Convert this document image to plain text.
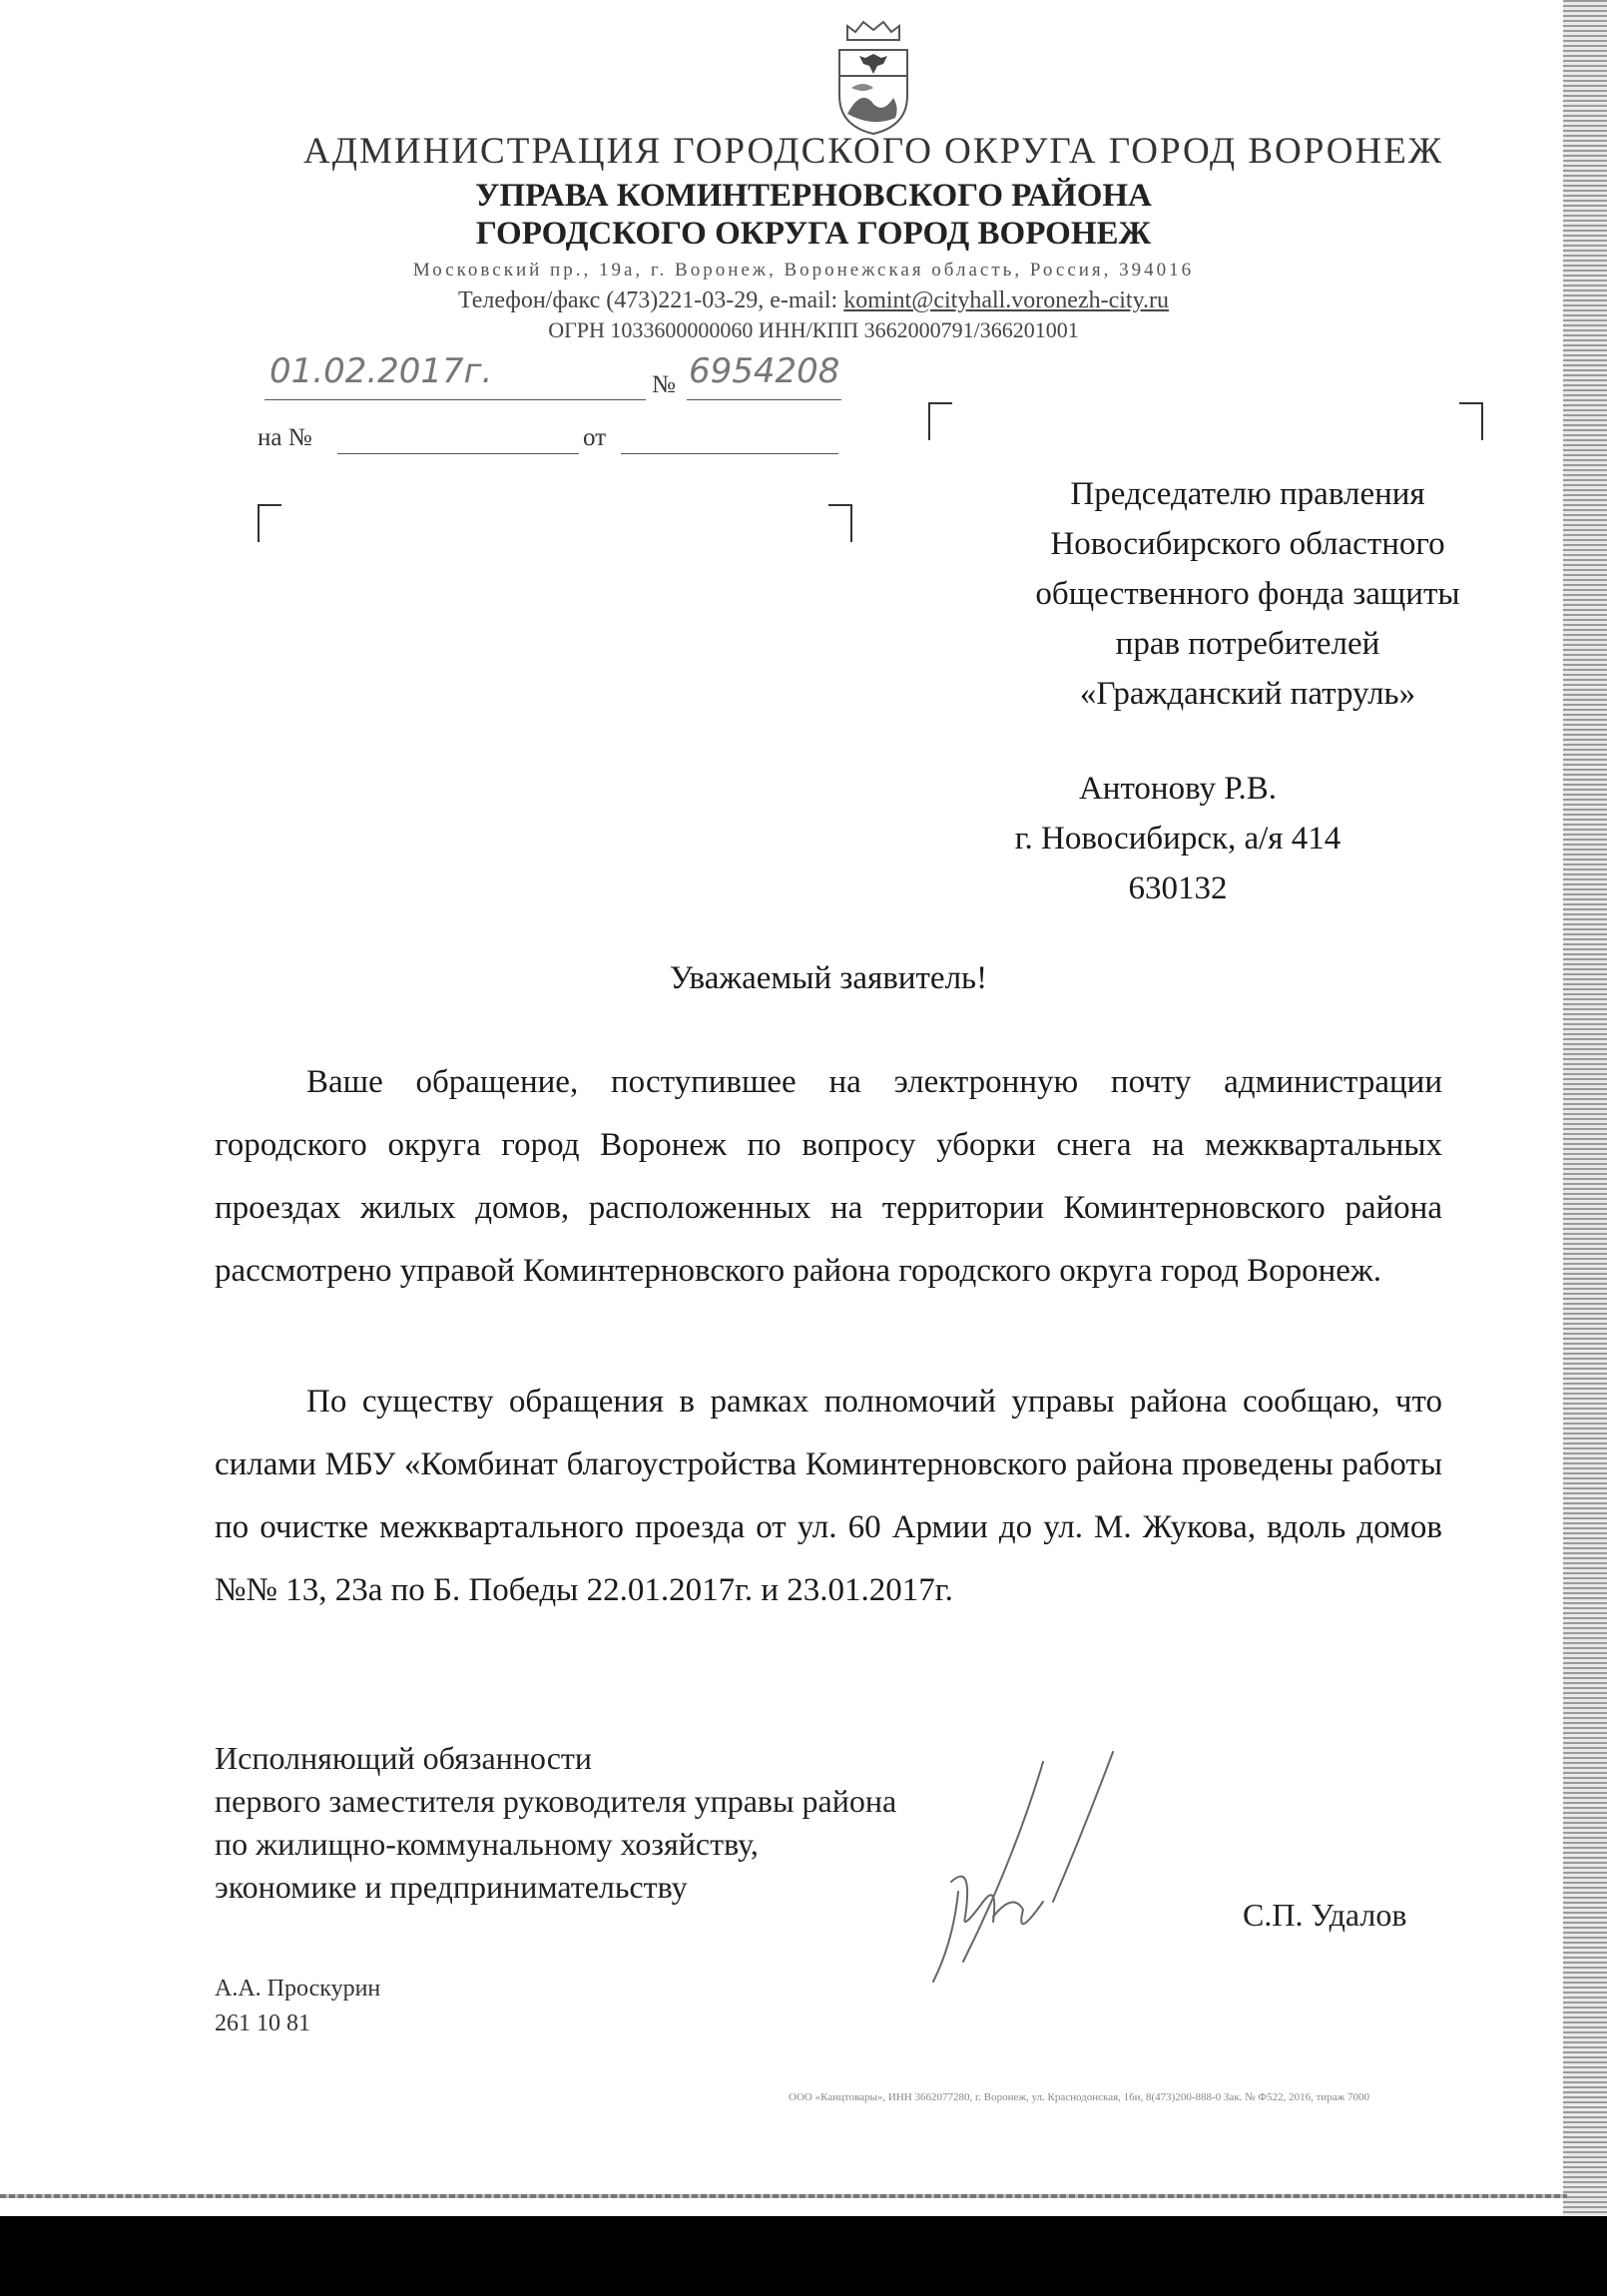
АДМИНИСТРАЦИЯ ГОРОДСКОГО ОКРУГА ГОРОД ВОРОНЕЖ
УПРАВА КОМИНТЕРНОВСКОГО РАЙОНА
ГОРОДСКОГО ОКРУГА ГОРОД ВОРОНЕЖ
Московский пр., 19а, г. Воронеж, Воронежская область, Россия, 394016
Телефон/факс (473)221-03-29, e-mail: komint@cityhall.voronezh-city.ru
ОГРН 1033600000060 ИНН/КПП 3662000791/366201001
01.02.2017г.	№ 6954208
на №	от
Председателю правления
Новосибирского областного
общественного фонда защиты
прав потребителей
«Гражданский патруль»
Антонову Р.В.
г. Новосибирск, а/я 414
630132
Уважаемый заявитель!
Ваше обращение, поступившее на электронную почту администрации городского округа город Воронеж по вопросу уборки снега на межквартальных проездах жилых домов, расположенных на территории Коминтерновского района рассмотрено управой Коминтерновского района городского округа город Воронеж.
По существу обращения в рамках полномочий управы района сообщаю, что силами МБУ «Комбинат благоустройства Коминтерновского района проведены работы по очистке межквартального проезда от ул. 60 Армии до ул. М. Жукова, вдоль домов №№ 13, 23а по Б. Победы 22.01.2017г. и 23.01.2017г.
Исполняющий обязанности
первого заместителя руководителя управы района
по жилищно-коммунальному хозяйству,
экономике и предпринимательству
С.П. Удалов
А.А. Проскурин
261 10 81
ООО «Канцтовары», ИНН 3662077280, г. Воронеж, ул. Краснодонская, 16и, 8(473)200-888-0 Зак. № Ф522, 2016, тираж 7000
